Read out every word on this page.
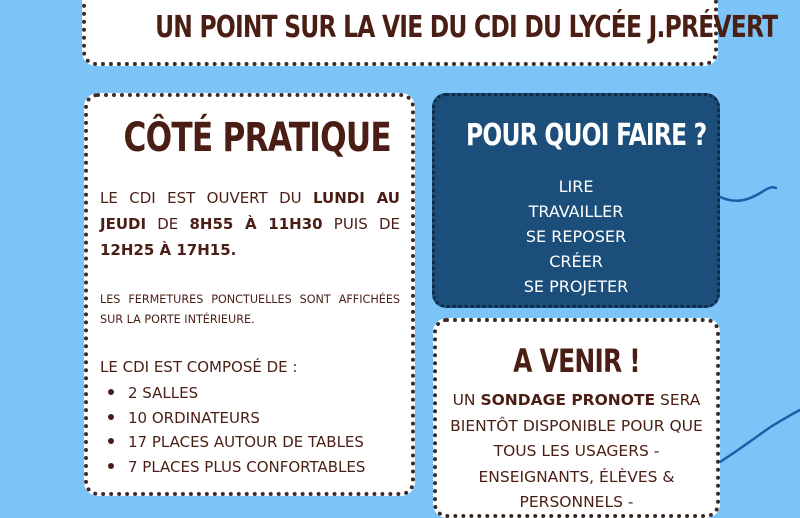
UN POINT SUR LA VIE DU CDI DU LYCÉE J.PRÉVERT
CÔTÉ PRATIQUE

LE CDI EST OUVERT DU LUNDI AU JEUDI DE 8H55 À 11H30 PUIS DE 12H25 À 17H15.

LES FERMETURES PONCTUELLES SONT AFFICHÉES SUR LA PORTE INTÉRIEURE.

LE CDI EST COMPOSÉ DE :

2 SALLES
10 ORDINATEURS
17 PLACES AUTOUR DE TABLES
7 PLACES PLUS CONFORTABLES
POUR QUOI FAIRE ?
LIRE
TRAVAILLER
SE REPOSER
CRÉER
SE PROJETER
A VENIR !

UN SONDAGE PRONOTE SERA BIENTÔT DISPONIBLE POUR QUE TOUS LES USAGERS - ENSEIGNANTS, ÉLÈVES & PERSONNELS -
